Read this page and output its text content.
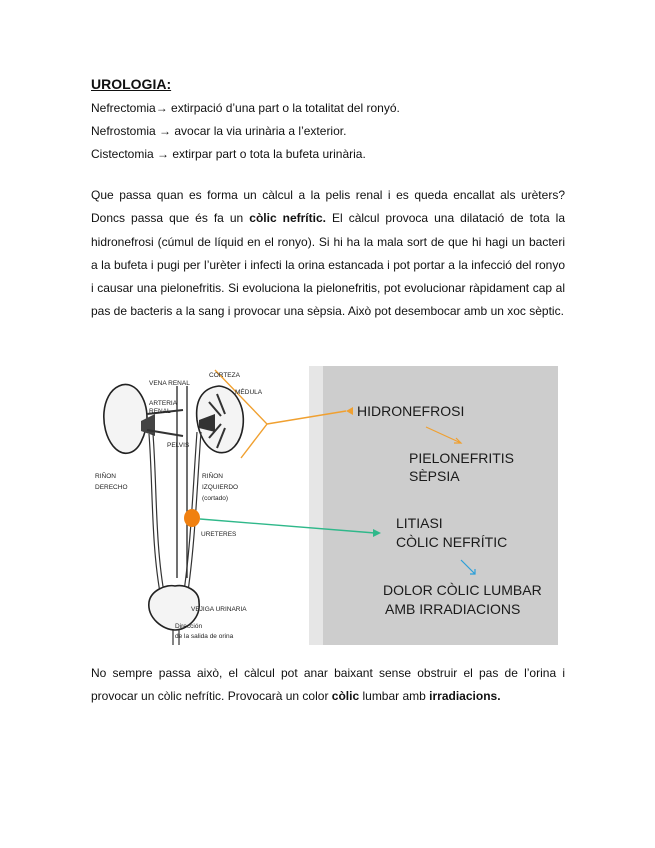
UROLOGIA:
Nefrectomia→ extirpació d’una part o la totalitat del ronyó.
Nefrostomia → avocar la via urinària a l’exterior.
Cistectomia → extirpar part o tota la bufeta urinària.

Que passa quan es forma un càlcul a la pelis renal i es queda encallat als urèters? Doncs passa que és fa un còlic nefrític. El càlcul provoca una dilatació de tota la hidronefrosi (cúmul de líquid en el ronyo). Si hi ha la mala sort de que hi hagi un bacteri a la bufeta i pugi per l’urèter i infecti la orina estancada i pot portar a la infecció del ronyo i causar una pielonefritis. Si evoluciona la pielonefritis, pot evolucionar ràpidament cap al pas de bacteris a la sang i provocar una sèpsia. Això pot desembocar amb un xoc sèptic.

CORTEZA
VENA RENAL
MÉDULA
ARTERIA
RENAL
PELVIS
RIÑON
DERECHO
RIÑON
IZQUIERDO
(cortado)
URETERES
VEJIGA URINARIA
Dirección
de la salida de orina
HIDRONEFROSI
PIELONEFRITIS
SÈPSIA
LITIASI
CÒLIC NEFRÍTIC
DOLOR CÒLIC LUMBAR
AMB IRRADIACIONS

No sempre passa això, el càlcul pot anar baixant sense obstruir el pas de l’orina i provocar un còlic nefrític. Provocarà un color còlic lumbar amb irradiacions.
